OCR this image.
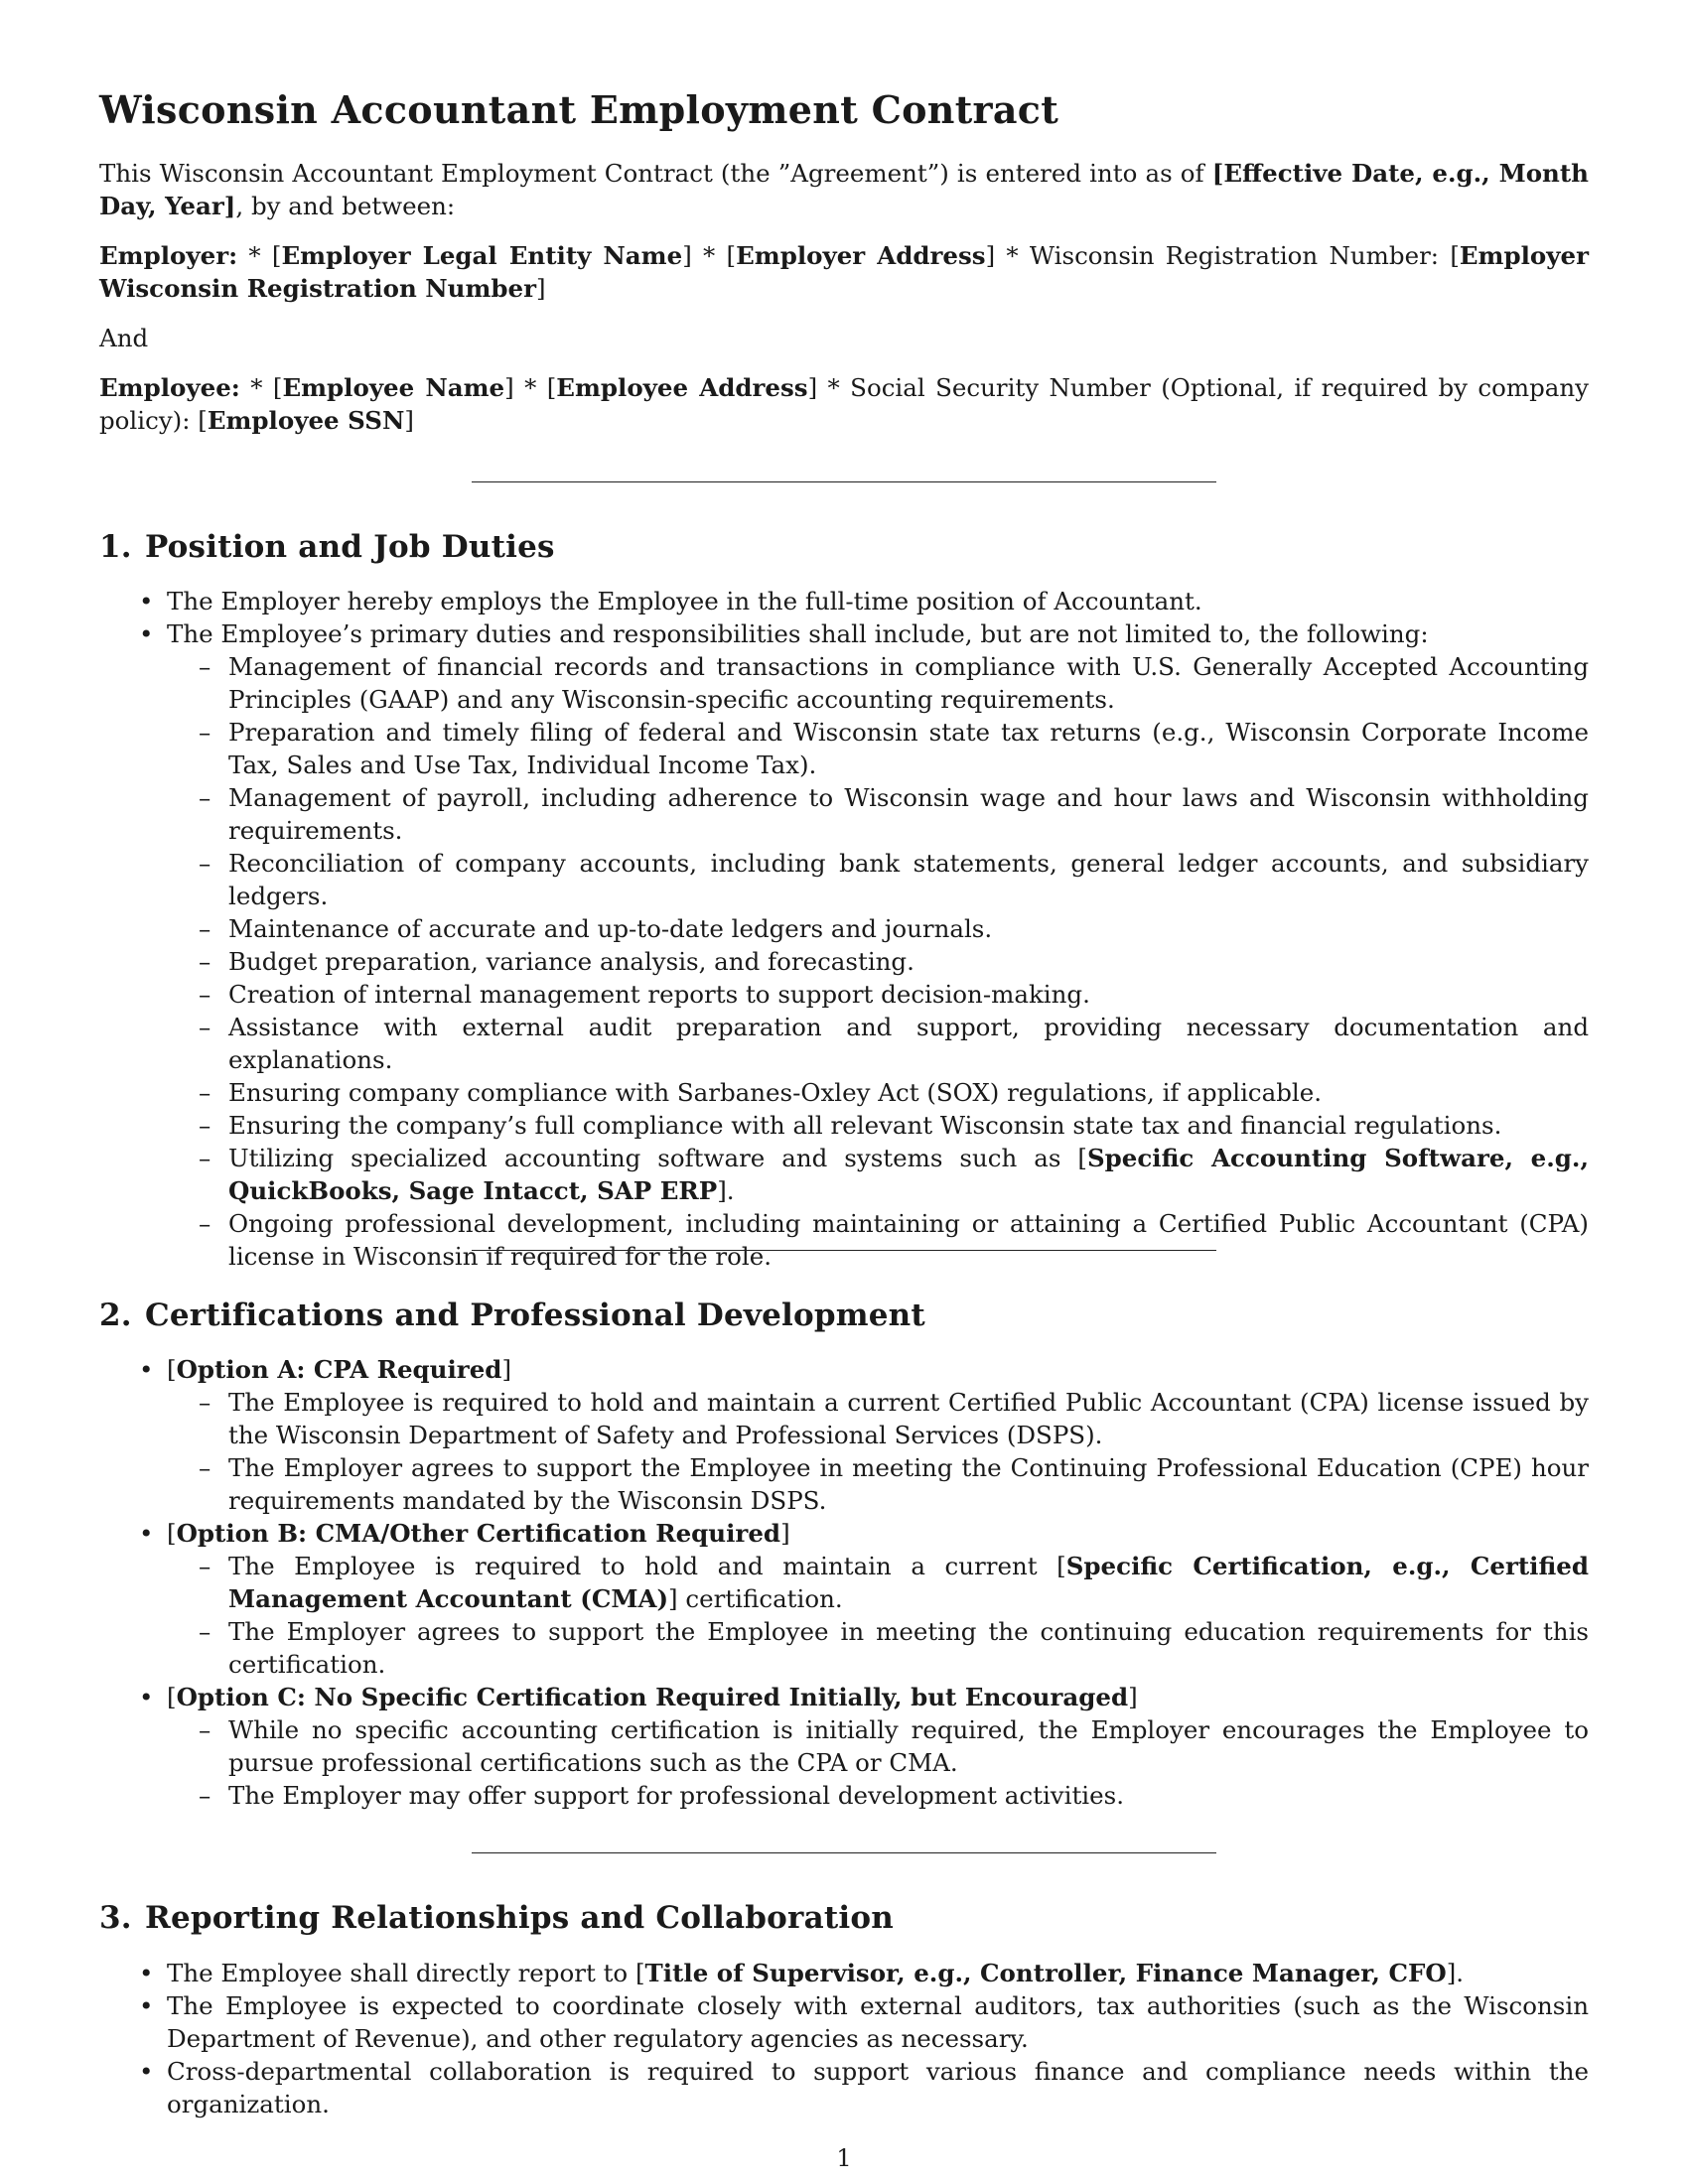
Wisconsin Accountant Employment Contract

This Wisconsin Accountant Employment Contract (the ”Agreement”) is entered into as of [Effective Date, e.g., Month Day, Year], by and between:

Employer: * [Employer Legal Entity Name] * [Employer Address] * Wisconsin Registration Number: [Employer Wisconsin Registration Number]

And

Employee: * [Employee Name] * [Employee Address] * Social Security Number (Optional, if required by company policy): [Employee SSN]

1. Position and Job Duties
• The Employer hereby employs the Employee in the full-time position of Accountant.
• The Employee’s primary duties and responsibilities shall include, but are not limited to, the following:
– Management of financial records and transactions in compliance with U.S. Generally Accepted Accounting Principles (GAAP) and any Wisconsin-specific accounting requirements.
– Preparation and timely filing of federal and Wisconsin state tax returns (e.g., Wisconsin Corporate Income Tax, Sales and Use Tax, Individual Income Tax).
– Management of payroll, including adherence to Wisconsin wage and hour laws and Wisconsin withholding requirements.
– Reconciliation of company accounts, including bank statements, general ledger accounts, and subsidiary ledgers.
– Maintenance of accurate and up-to-date ledgers and journals.
– Budget preparation, variance analysis, and forecasting.
– Creation of internal management reports to support decision-making.
– Assistance with external audit preparation and support, providing necessary documentation and explanations.
– Ensuring company compliance with Sarbanes-Oxley Act (SOX) regulations, if applicable.
– Ensuring the company’s full compliance with all relevant Wisconsin state tax and financial regulations.
– Utilizing specialized accounting software and systems such as [Specific Accounting Software, e.g., QuickBooks, Sage Intacct, SAP ERP].
– Ongoing professional development, including maintaining or attaining a Certified Public Accountant (CPA) license in Wisconsin if required for the role.
2. Certifications and Professional Development
• [Option A: CPA Required]
– The Employee is required to hold and maintain a current Certified Public Accountant (CPA) license issued by the Wisconsin Department of Safety and Professional Services (DSPS).
– The Employer agrees to support the Employee in meeting the Continuing Professional Education (CPE) hour requirements mandated by the Wisconsin DSPS.
• [Option B: CMA/Other Certification Required]
– The Employee is required to hold and maintain a current [Specific Certification, e.g., Certified Management Accountant (CMA)] certification.
– The Employer agrees to support the Employee in meeting the continuing education requirements for this certification.
• [Option C: No Specific Certification Required Initially, but Encouraged]
– While no specific accounting certification is initially required, the Employer encourages the Employee to pursue professional certifications such as the CPA or CMA.
– The Employer may offer support for professional development activities.
3. Reporting Relationships and Collaboration
• The Employee shall directly report to [Title of Supervisor, e.g., Controller, Finance Manager, CFO].
• The Employee is expected to coordinate closely with external auditors, tax authorities (such as the Wisconsin Department of Revenue), and other regulatory agencies as necessary.
• Cross-departmental collaboration is required to support various finance and compliance needs within the organization.
1
